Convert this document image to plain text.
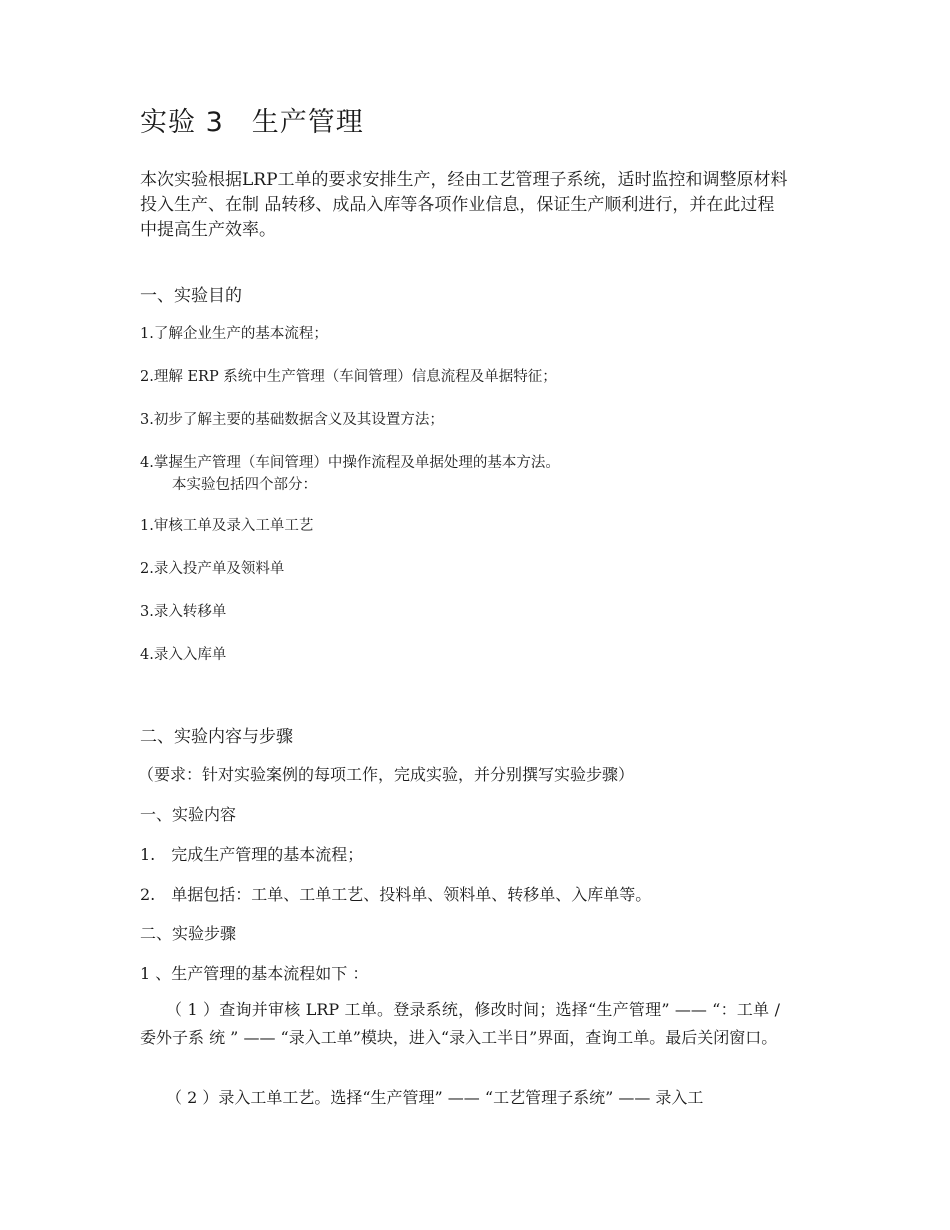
实验 3　生产管理
本次实验根据LRP工单的要求安排生产，经由工艺管理子系统，适时监控和调整原材料投入生产、在制 品转移、成品入库等各项作业信息，保证生产顺利进行，并在此过程中提高生产效率。
一、实验目的
1.了解企业生产的基本流程；
2.理解 ERP 系统中生产管理（车间管理）信息流程及单据特征；
3.初步了解主要的基础数据含义及其设置方法；
4.掌握生产管理（车间管理）中操作流程及单据处理的基本方法。
本实验包括四个部分：
1.审核工单及录入工单工艺
2.录入投产单及领料单
3.录入转移单
4.录入入库单
二、实验内容与步骤
（要求：针对实验案例的每项工作，完成实验，并分别撰写实验步骤）
一、实验内容
1.　完成生产管理的基本流程；
2.　单据包括：工单、工单工艺、投料单、领料单、转移单、入库单等。
二、实验步骤
1 、生产管理的基本流程如下 ：
（ 1 ）查询并审核 LRP 工单。登录系统，修改时间；选择“生产管理” —— “：工单 / 委外子系 统 ” —— “录入工单”模块，进入“录入工半日”界面，查询工单。最后关闭窗口。
（ 2 ）录入工单工艺。选择“生产管理” —— “工艺管理子系统” —— 录入工
